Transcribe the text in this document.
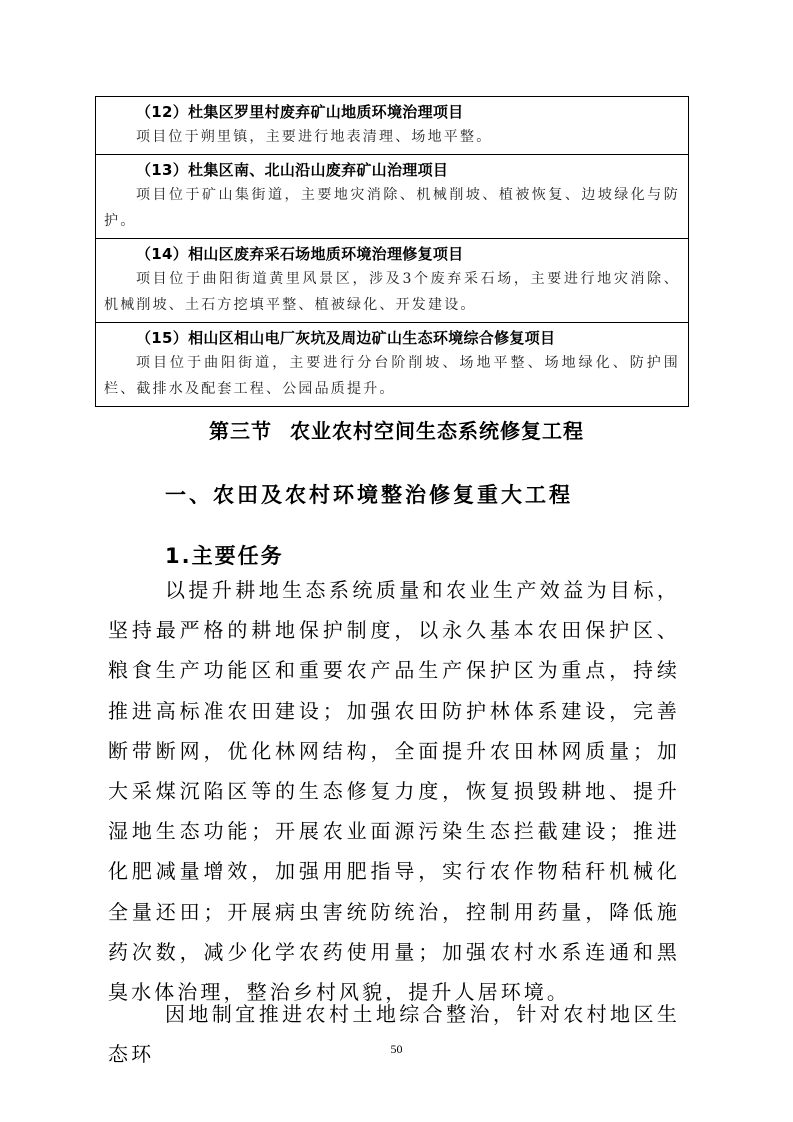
（12）杜集区罗里村废弃矿山地质环境治理项目
项目位于朔里镇，主要进行地表清理、场地平整。

（13）杜集区南、北山沿山废弃矿山治理项目
项目位于矿山集街道，主要地灾消除、机械削坡、植被恢复、边坡绿化与防护。

（14）相山区废弃采石场地质环境治理修复项目
项目位于曲阳街道黄里风景区，涉及3个废弃采石场，主要进行地灾消除、机械削坡、土石方挖填平整、植被绿化、开发建设。

（15）相山区相山电厂灰坑及周边矿山生态环境综合修复项目
项目位于曲阳街道，主要进行分台阶削坡、场地平整、场地绿化、防护围栏、截排水及配套工程、公园品质提升。
第三节 农业农村空间生态系统修复工程
一、农田及农村环境整治修复重大工程
1.主要任务

以提升耕地生态系统质量和农业生产效益为目标，坚持最严格的耕地保护制度，以永久基本农田保护区、粮食生产功能区和重要农产品生产保护区为重点，持续推进高标准农田建设；加强农田防护林体系建设，完善断带断网，优化林网结构，全面提升农田林网质量；加大采煤沉陷区等的生态修复力度，恢复损毁耕地、提升湿地生态功能；开展农业面源污染生态拦截建设；推进化肥减量增效，加强用肥指导，实行农作物秸秆机械化全量还田；开展病虫害统防统治，控制用药量，降低施药次数，减少化学农药使用量；加强农村水系连通和黑臭水体治理，整治乡村风貌，提升人居环境。

因地制宜推进农村土地综合整治，针对农村地区生态环	50
